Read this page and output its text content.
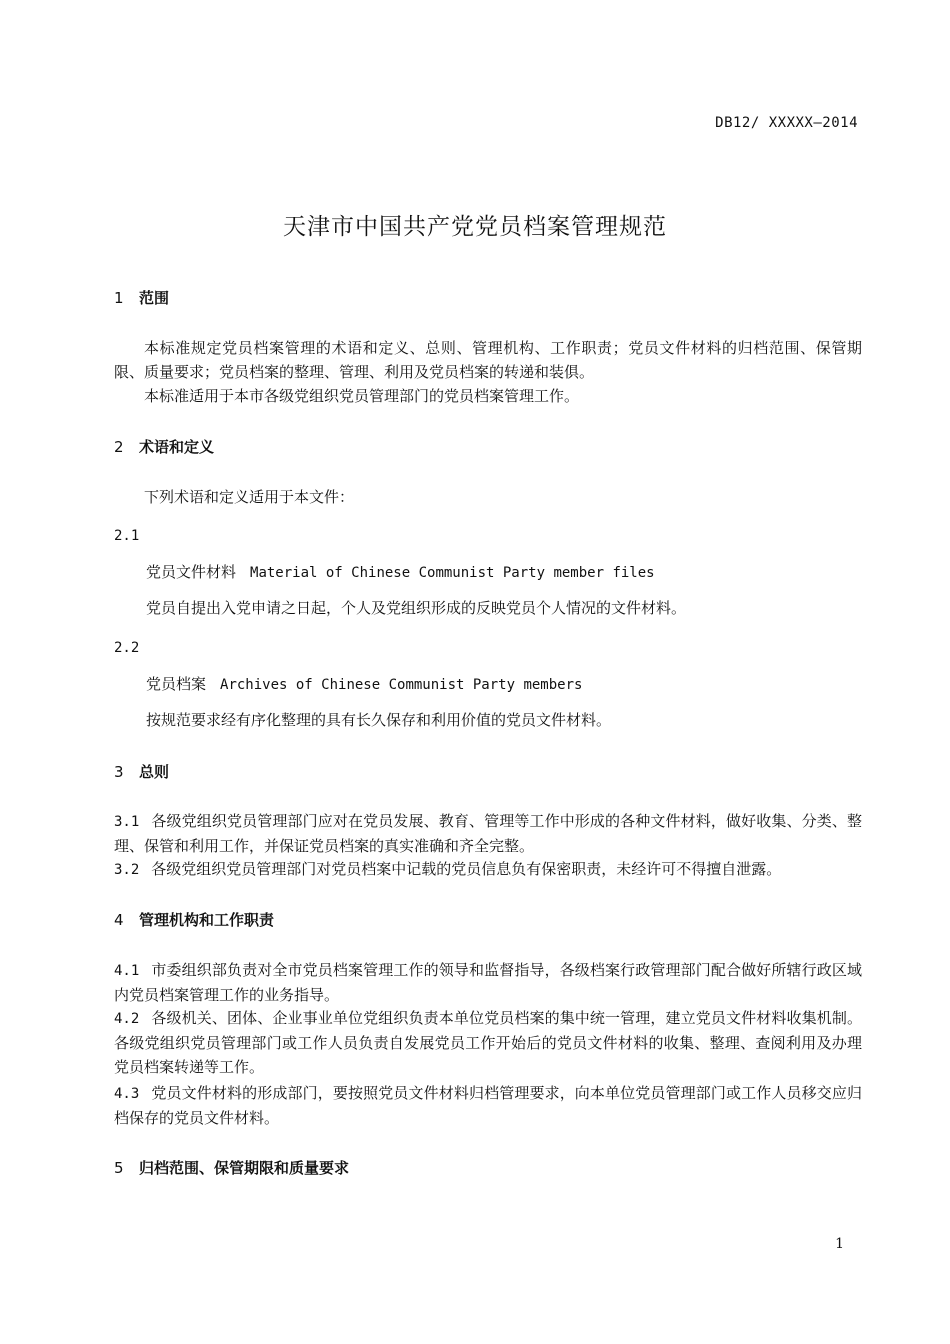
DB12/ XXXXX—2014
天津市中国共产党党员档案管理规范
1 范围
本标准规定党员档案管理的术语和定义、总则、管理机构、工作职责；党员文件材料的归档范围、保管期限、质量要求；党员档案的整理、管理、利用及党员档案的转递和装俱。
本标准适用于本市各级党组织党员管理部门的党员档案管理工作。
2 术语和定义
下列术语和定义适用于本文件：
2.1
党员文件材料 Material of Chinese Communist Party member files
党员自提出入党申请之日起，个人及党组织形成的反映党员个人情况的文件材料。
2.2
党员档案 Archives of Chinese Communist Party members
按规范要求经有序化整理的具有长久保存和利用价值的党员文件材料。
3 总则
3.1 各级党组织党员管理部门应对在党员发展、教育、管理等工作中形成的各种文件材料，做好收集、分类、整理、保管和利用工作，并保证党员档案的真实准确和齐全完整。
3.2 各级党组织党员管理部门对党员档案中记载的党员信息负有保密职责，未经许可不得擅自泄露。
4 管理机构和工作职责
4.1 市委组织部负责对全市党员档案管理工作的领导和监督指导，各级档案行政管理部门配合做好所辖行政区域内党员档案管理工作的业务指导。
4.2 各级机关、团体、企业事业单位党组织负责本单位党员档案的集中统一管理，建立党员文件材料收集机制。各级党组织党员管理部门或工作人员负责自发展党员工作开始后的党员文件材料的收集、整理、查阅利用及办理党员档案转递等工作。
4.3 党员文件材料的形成部门，要按照党员文件材料归档管理要求，向本单位党员管理部门或工作人员移交应归档保存的党员文件材料。
5 归档范围、保管期限和质量要求
1
